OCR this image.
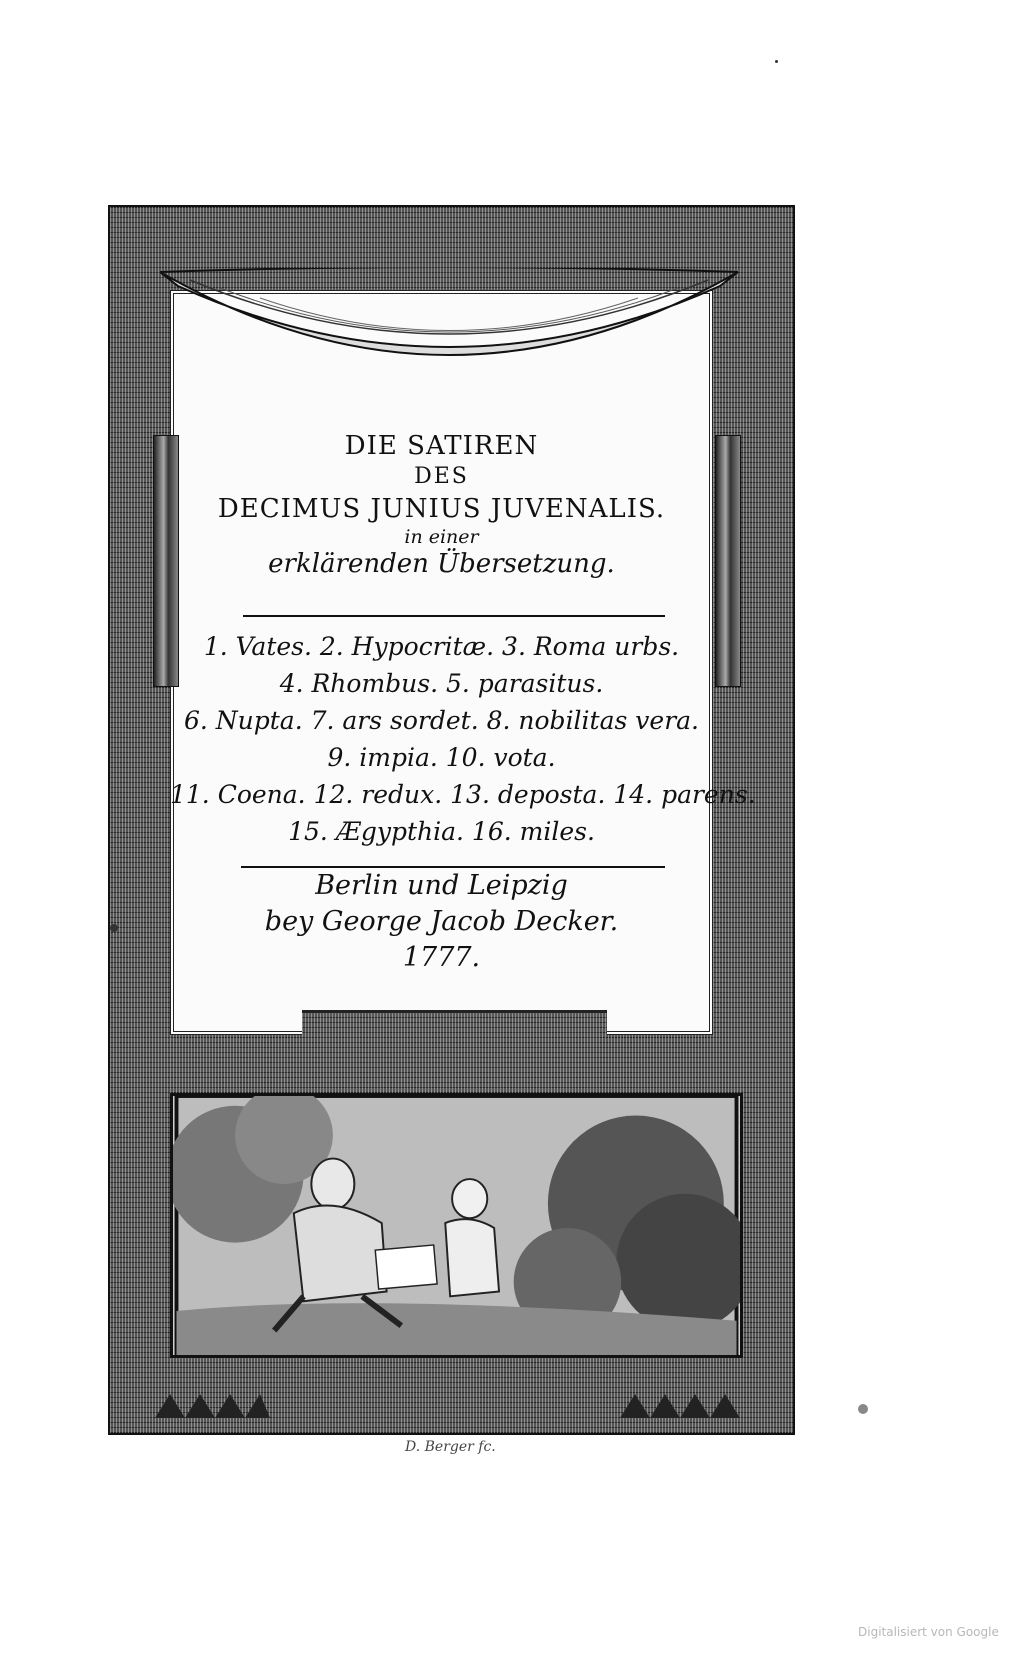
DIE SATIREN
DES
DECIMUS JUNIUS JUVENALIS.
in einer
erklärenden Übersetzung.
1. Vates. 2. Hypocritæ. 3. Roma urbs.
4. Rhombus. 5. parasitus.
6. Nupta. 7. ars sordet. 8. nobilitas vera.
9. impia. 10. vota.
11. Coena. 12. redux. 13. deposta. 14. parens.
15. Ægypthia. 16. miles.
Berlin und Leipzig
bey George Jacob Decker.
1777.
D. Berger fc.
Digitalisiert von Google
